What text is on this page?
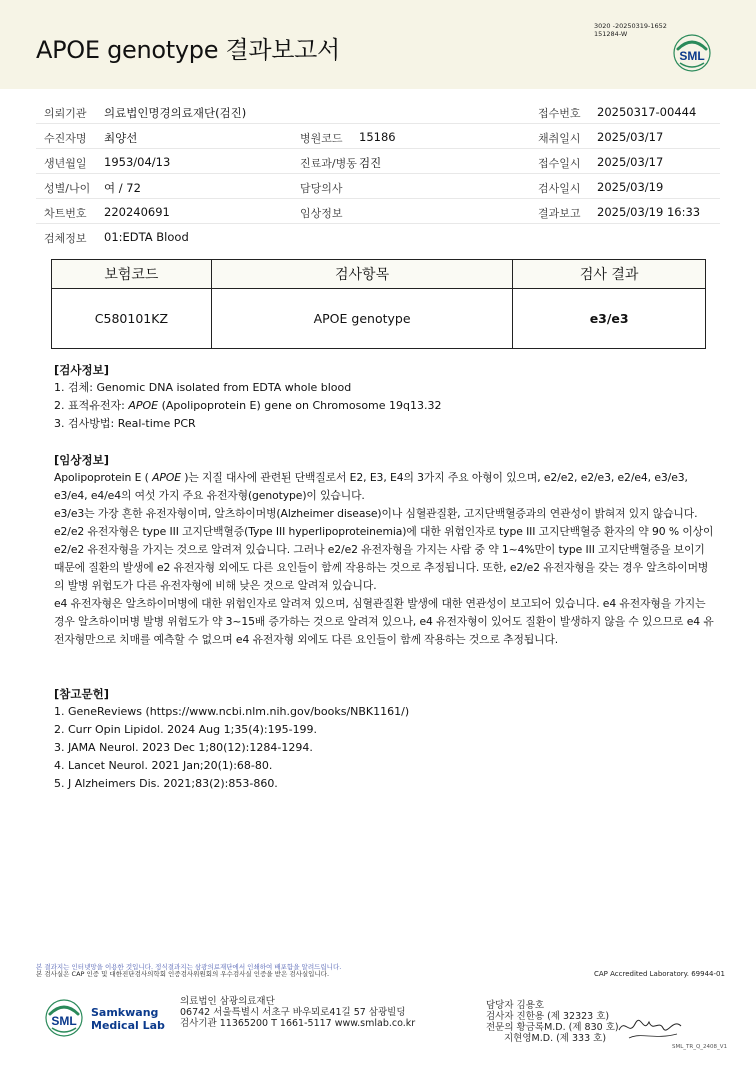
APOE genotype 결과보고서
3020 -20250319-1652
151284-W
SML
의뢰기관 의료법인명경의료재단(검진)	접수번호 20250317-00444
수진자명 최양선	병원코드 15186	채취일시 2025/03/17
생년월일 1953/04/13	진료과/병동 검진	접수일시 2025/03/17
성별/나이 여 / 72	담당의사	검사일시 2025/03/19
차트번호 220240691	임상정보	결과보고 2025/03/19 16:33
검체정보 01:EDTA Blood
보험코드	검사항목	검사 결과
C580101KZ	APOE genotype	e3/e3
[검사정보]
1. 검체: Genomic DNA isolated from EDTA whole blood
2. 표적유전자: APOE (Apolipoprotein E) gene on Chromosome 19q13.32
3. 검사방법: Real-time PCR
[임상정보]
Apolipoprotein E ( APOE )는 지질 대사에 관련된 단백질로서 E2, E3, E4의 3가지 주요 아형이 있으며, e2/e2, e2/e3, e2/e4, e3/e3, e3/e4, e4/e4의 여섯 가지 주요 유전자형(genotype)이 있습니다.
e3/e3는 가장 흔한 유전자형이며, 알츠하이머병(Alzheimer disease)이나 심혈관질환, 고지단백혈증과의 연관성이 밝혀져 있지 않습니다.
e2/e2 유전자형은 type III 고지단백혈증(Type III hyperlipoproteinemia)에 대한 위험인자로 type III 고지단백혈증 환자의 약 90 % 이상이 e2/e2 유전자형을 가지는 것으로 알려져 있습니다. 그러나 e2/e2 유전자형을 가지는 사람 중 약 1~4%만이 type III 고지단백혈증을 보이기 때문에 질환의 발생에 e2 유전자형 외에도 다른 요인들이 함께 작용하는 것으로 추정됩니다. 또한, e2/e2 유전자형을 갖는 경우 알츠하이머병의 발병 위험도가 다른 유전자형에 비해 낮은 것으로 알려져 있습니다.
e4 유전자형은 알츠하이머병에 대한 위험인자로 알려져 있으며, 심혈관질환 발생에 대한 연관성이 보고되어 있습니다. e4 유전자형을 가지는 경우 알츠하이머병 발병 위험도가 약 3~15배 증가하는 것으로 알려져 있으나, e4 유전자형이 있어도 질환이 발생하지 않을 수 있으므로 e4 유전자형만으로 치매를 예측할 수 없으며 e4 유전자형 외에도 다른 요인들이 함께 작용하는 것으로 추정됩니다.
[참고문헌]
1. GeneReviews (https://www.ncbi.nlm.nih.gov/books/NBK1161/)
2. Curr Opin Lipidol. 2024 Aug 1;35(4):195-199.
3. JAMA Neurol. 2023 Dec 1;80(12):1284-1294.
4. Lancet Neurol. 2021 Jan;20(1):68-80.
5. J Alzheimers Dis. 2021;83(2):853-860.
본 결과지는 인터넷망을 이용한 것입니다. 정식결과지는 삼광의료재단에서 인쇄하여 배포함을 알려드립니다.
본 검사실은 CAP 인증 및 대한진단검사의학회 인증검사위원회의 우수검사실 인증을 받은 검사실입니다.	CAP Accredited Laboratory. 69944-01
SML
Samkwang
Medical Lab
의료법인 삼광의료재단
06742 서울특별시 서초구 바우뫼로41길 57 삼광빌딩
검사기관 11365200 T 1661-5117 www.smlab.co.kr
담당자 김용호
검사자 진한용 (제 32323 호)
전문의 황금록M.D. (제 830 호)
지현영M.D. (제 333 호)
SML_TR_Q_2408_V1
